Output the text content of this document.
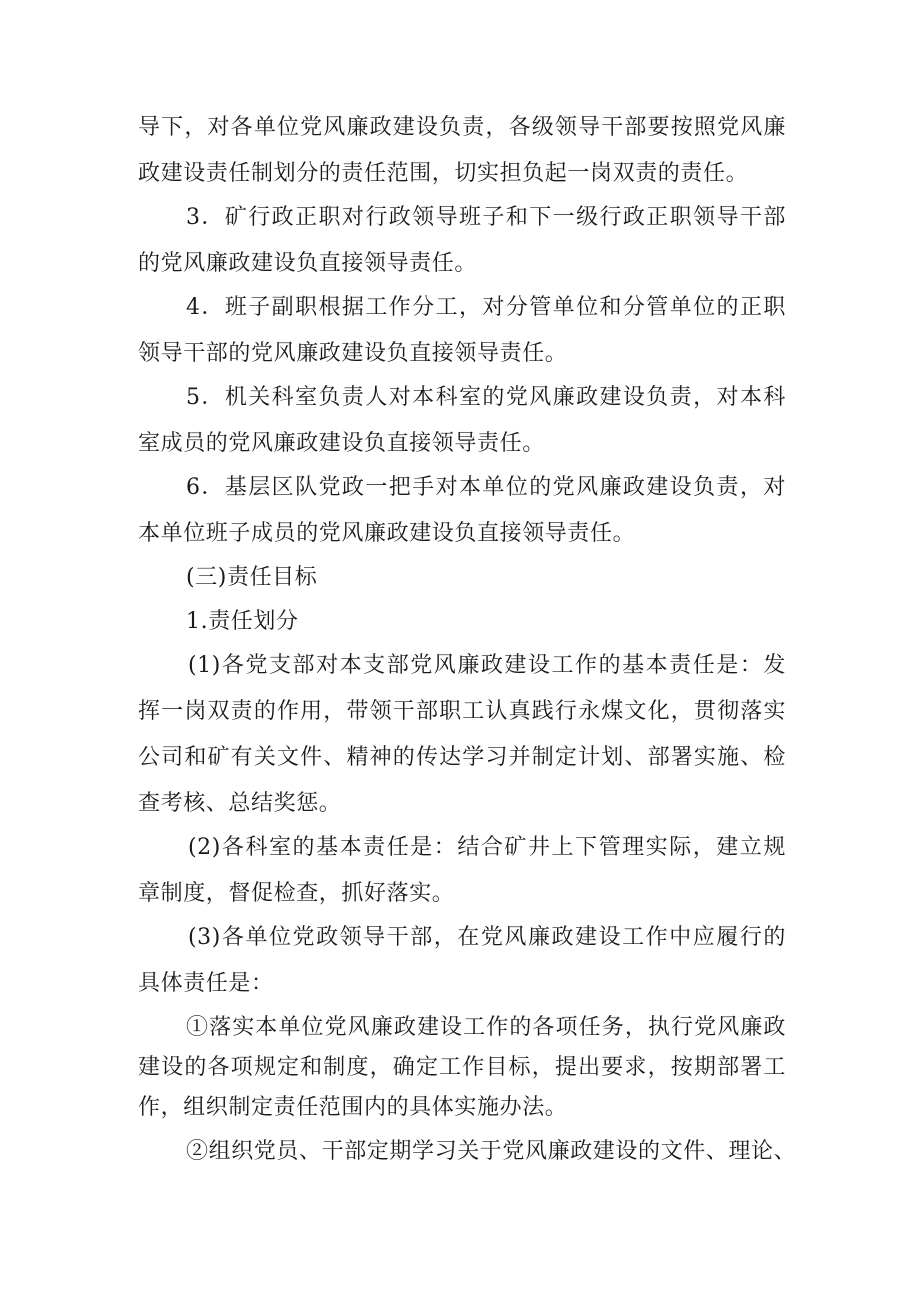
导下，对各单位党风廉政建设负责，各级领导干部要按照党风廉

政建设责任制划分的责任范围，切实担负起一岗双责的责任。

3．矿行政正职对行政领导班子和下一级行政正职领导干部

的党风廉政建设负直接领导责任。

4．班子副职根据工作分工，对分管单位和分管单位的正职

领导干部的党风廉政建设负直接领导责任。

5．机关科室负责人对本科室的党风廉政建设负责，对本科

室成员的党风廉政建设负直接领导责任。

6．基层区队党政一把手对本单位的党风廉政建设负责，对

本单位班子成员的党风廉政建设负直接领导责任。

(三)责任目标

1.责任划分

(1)各党支部对本支部党风廉政建设工作的基本责任是：发

挥一岗双责的作用，带领干部职工认真践行永煤文化，贯彻落实

公司和矿有关文件、精神的传达学习并制定计划、部署实施、检

查考核、总结奖惩。

(2)各科室的基本责任是：结合矿井上下管理实际，建立规

章制度，督促检查，抓好落实。

(3)各单位党政领导干部，在党风廉政建设工作中应履行的

具体责任是：

①落实本单位党风廉政建设工作的各项任务，执行党风廉政

建设的各项规定和制度，确定工作目标，提出要求，按期部署工

作，组织制定责任范围内的具体实施办法。

②组织党员、干部定期学习关于党风廉政建设的文件、理论、
